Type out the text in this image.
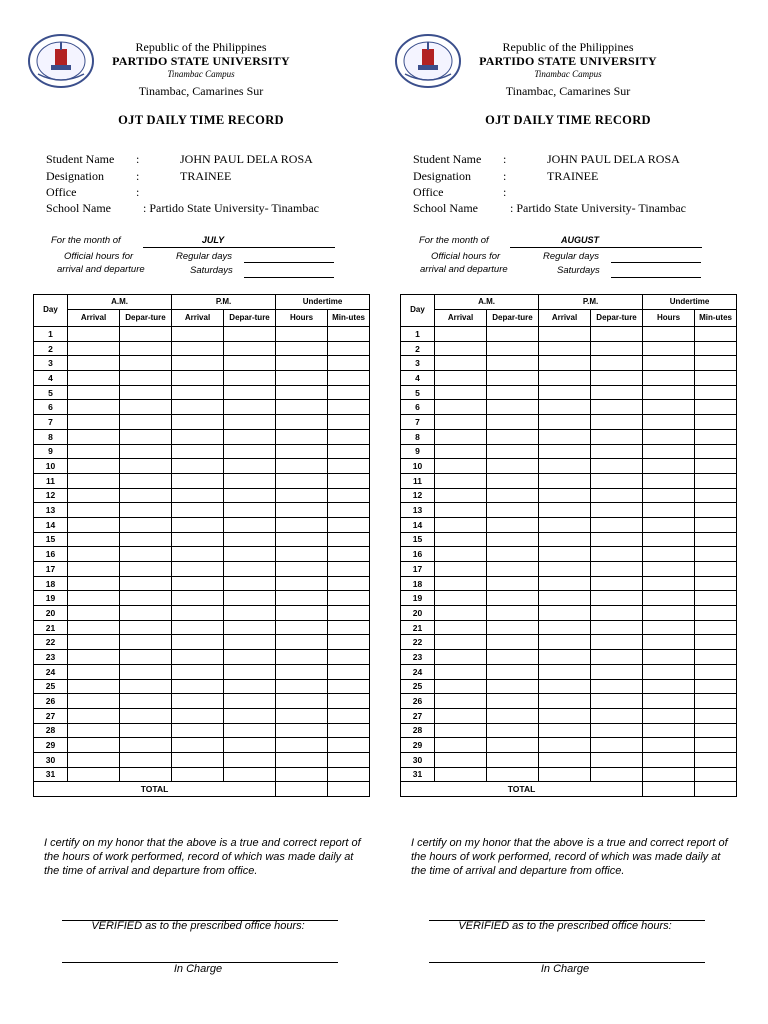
Republic of the Philippines
PARTIDO STATE UNIVERSITY
Tinambac Campus
Tinambac, Camarines Sur
OJT DAILY TIME RECORD
Student Name :	JOHN PAUL DELA ROSA
Designation	:	TRAINEE
Office	:
School Name	: Partido State University- Tinambac
For the month of	JULY
Official hours for
arrival and departure
Regular days
Saturdays
Day	A.M.		P.M.		Undertime	
	Arrival	Depar-ture	Arrival	Depar-ture	Hours	Min-utes
1						
2						
3						
4						
5						
6						
7						
8						
9						
10						
11						
12						
13						
14						
15						
16						
17						
18						
19						
20						
21						
22						
23						
24						
25						
26						
27						
28						
29						
30						
31						
TOTAL						
I certify on my honor that the above is a true and correct report of the hours of work performed, record of which was made daily at the time of arrival and departure from office.
VERIFIED as to the prescribed office hours:
In Charge
Republic of the Philippines
PARTIDO STATE UNIVERSITY
Tinambac Campus
Tinambac, Camarines Sur
OJT DAILY TIME RECORD
Student Name :	JOHN PAUL DELA ROSA
Designation	:	TRAINEE
Office	:
School Name	: Partido State University- Tinambac
For the month of	AUGUST
Official hours for
arrival and departure
Regular days
Saturdays
Day	A.M.		P.M.		Undertime	
	Arrival	Depar-ture	Arrival	Depar-ture	Hours	Min-utes
1						
2						
3						
4						
5						
6						
7						
8						
9						
10						
11						
12						
13						
14						
15						
16						
17						
18						
19						
20						
21						
22						
23						
24						
25						
26						
27						
28						
29						
30						
31						
TOTAL						
I certify on my honor that the above is a true and correct report of the hours of work performed, record of which was made daily at the time of arrival and departure from office.
VERIFIED as to the prescribed office hours:
In Charge
